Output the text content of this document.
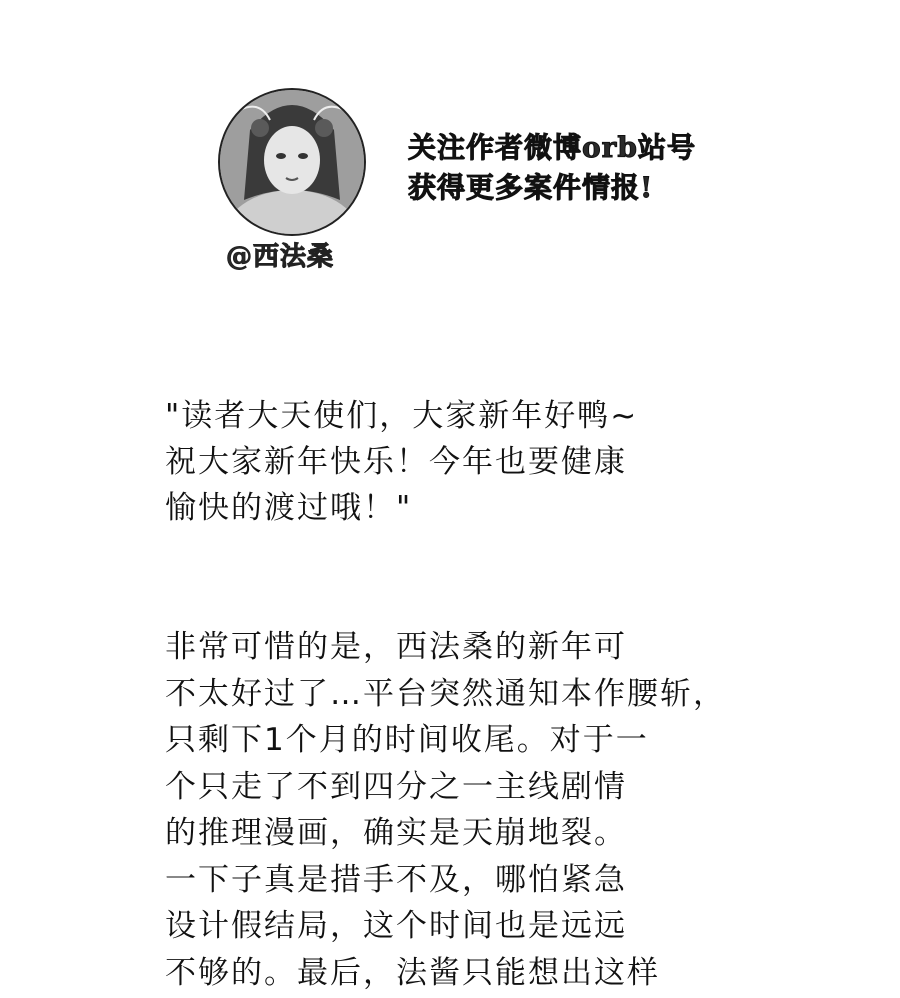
@西法桑
关注作者微博orb站号
获得更多案件情报!
"读者大天使们，大家新年好鸭~
祝大家新年快乐！今年也要健康
愉快的渡过哦！"
非常可惜的是，西法桑的新年可
不太好过了…平台突然通知本作腰斩，
只剩下1个月的时间收尾。对于一
个只走了不到四分之一主线剧情
的推理漫画，确实是天崩地裂。
一下子真是措手不及，哪怕紧急
设计假结局，这个时间也是远远
不够的。最后，法酱只能想出这样
